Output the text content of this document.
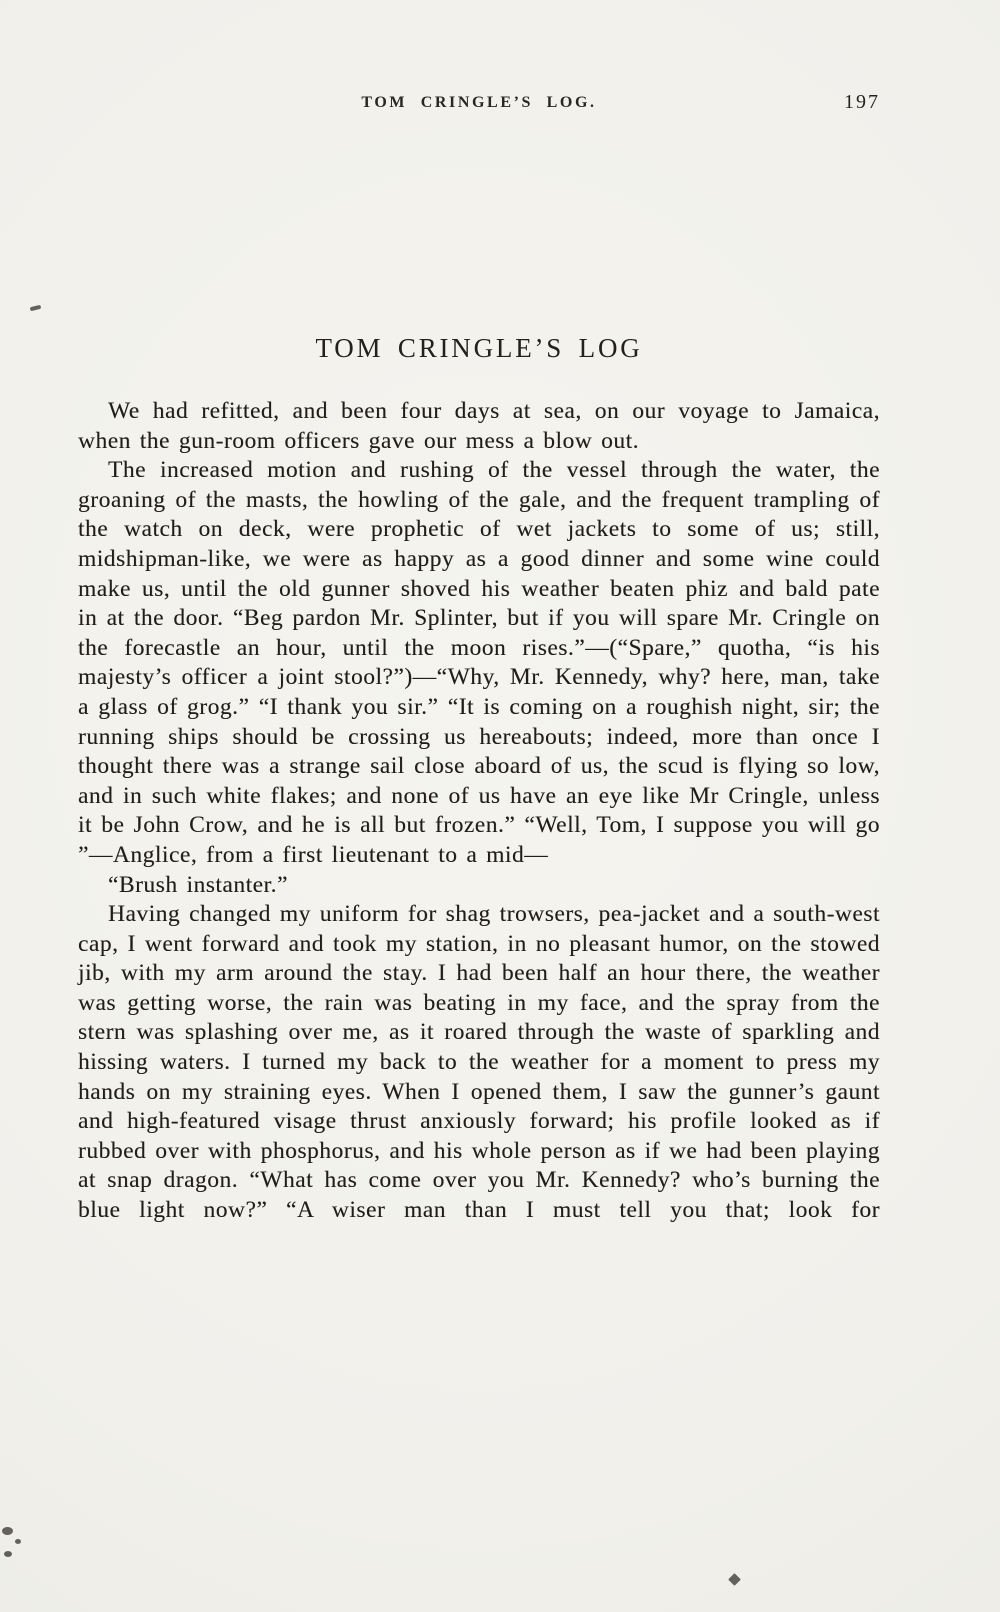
TOM CRINGLE’S LOG.	197
TOM CRINGLE’S LOG

We had refitted, and been four days at sea, on our voyage to Jamaica, when the gun-room officers gave our mess a blow out.

The increased motion and rushing of the vessel through the water, the groaning of the masts, the howling of the gale, and the frequent trampling of the watch on deck, were prophetic of wet jackets to some of us; still, midshipman-like, we were as happy as a good dinner and some wine could make us, until the old gunner shoved his weather beaten phiz and bald pate in at the door. “Beg pardon Mr. Splinter, but if you will spare Mr. Cringle on the forecastle an hour, until the moon rises.”—(“Spare,” quotha, “is his majesty’s officer a joint stool?”)—“Why, Mr. Kennedy, why? here, man, take a glass of grog.” “I thank you sir.” “It is coming on a roughish night, sir; the running ships should be crossing us hereabouts; indeed, more than once I thought there was a strange sail close aboard of us, the scud is flying so low, and in such white flakes; and none of us have an eye like Mr Cringle, unless it be John Crow, and he is all but frozen.” “Well, Tom, I suppose you will go ”—Anglice, from a first lieutenant to a mid—

“Brush instanter.”

Having changed my uniform for shag trowsers, pea-jacket and a south-west cap, I went forward and took my station, in no pleasant humor, on the stowed jib, with my arm around the stay. I had been half an hour there, the weather was getting worse, the rain was beating in my face, and the spray from the stern was splashing over me, as it roared through the waste of sparkling and hissing waters. I turned my back to the weather for a moment to press my hands on my straining eyes. When I opened them, I saw the gunner’s gaunt and high-featured visage thrust anxiously forward; his profile looked as if rubbed over with phosphorus, and his whole person as if we had been playing at snap dragon. “What has come over you Mr. Kennedy? who’s burning the blue light now?” “A wiser man than I must tell you that; look for
